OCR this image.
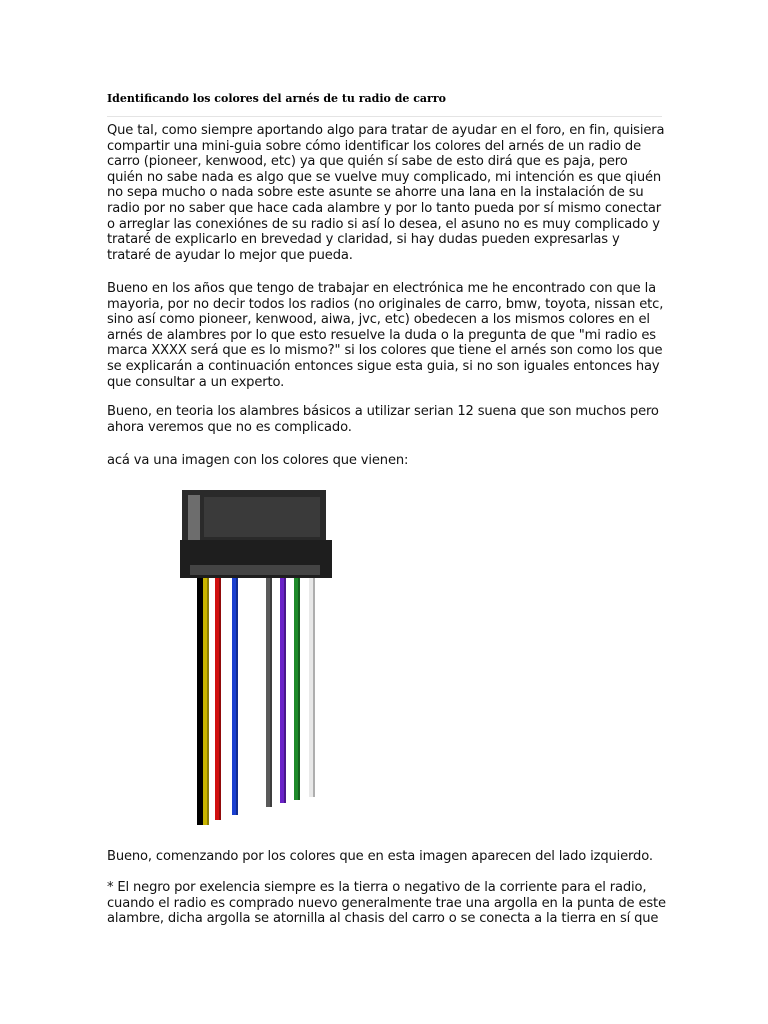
Identificando los colores del arnés de tu radio de carro

Que tal, como siempre aportando algo para tratar de ayudar en el foro, en fin, quisiera compartir una mini-guia sobre cómo identificar los colores del arnés de un radio de carro (pioneer, kenwood, etc) ya que quién sí sabe de esto dirá que es paja, pero quién no sabe nada es algo que se vuelve muy complicado, mi intención es que qiuén no sepa mucho o nada sobre este asunte se ahorre una lana en la instalación de su radio por no saber que hace cada alambre y por lo tanto pueda por sí mismo conectar o arreglar las conexiónes de su radio si así lo desea, el asuno no es muy complicado y trataré de explicarlo en brevedad y claridad, si hay dudas pueden expresarlas y trataré de ayudar lo mejor que pueda.

Bueno en los años que tengo de trabajar en electrónica me he encontrado con que la mayoria, por no decir todos los radios (no originales de carro, bmw, toyota, nissan etc, sino así como pioneer, kenwood, aiwa, jvc, etc) obedecen a los mismos colores en el arnés de alambres por lo que esto resuelve la duda o la pregunta de que "mi radio es marca XXXX será que es lo mismo?" si los colores que tiene el arnés son como los que se explicarán a continuación entonces sigue esta guia, si no son iguales entonces hay que consultar a un experto.

Bueno, en teoria los alambres básicos a utilizar serian 12 suena que son muchos pero ahora veremos que no es complicado.

acá va una imagen con los colores que vienen:

Bueno, comenzando por los colores que en esta imagen aparecen del lado izquierdo.

* El negro por exelencia siempre es la tierra o negativo de la corriente para el radio, cuando el radio es comprado nuevo generalmente trae una argolla en la punta de este alambre, dicha argolla se atornilla al chasis del carro o se conecta a la tierra en sí que
